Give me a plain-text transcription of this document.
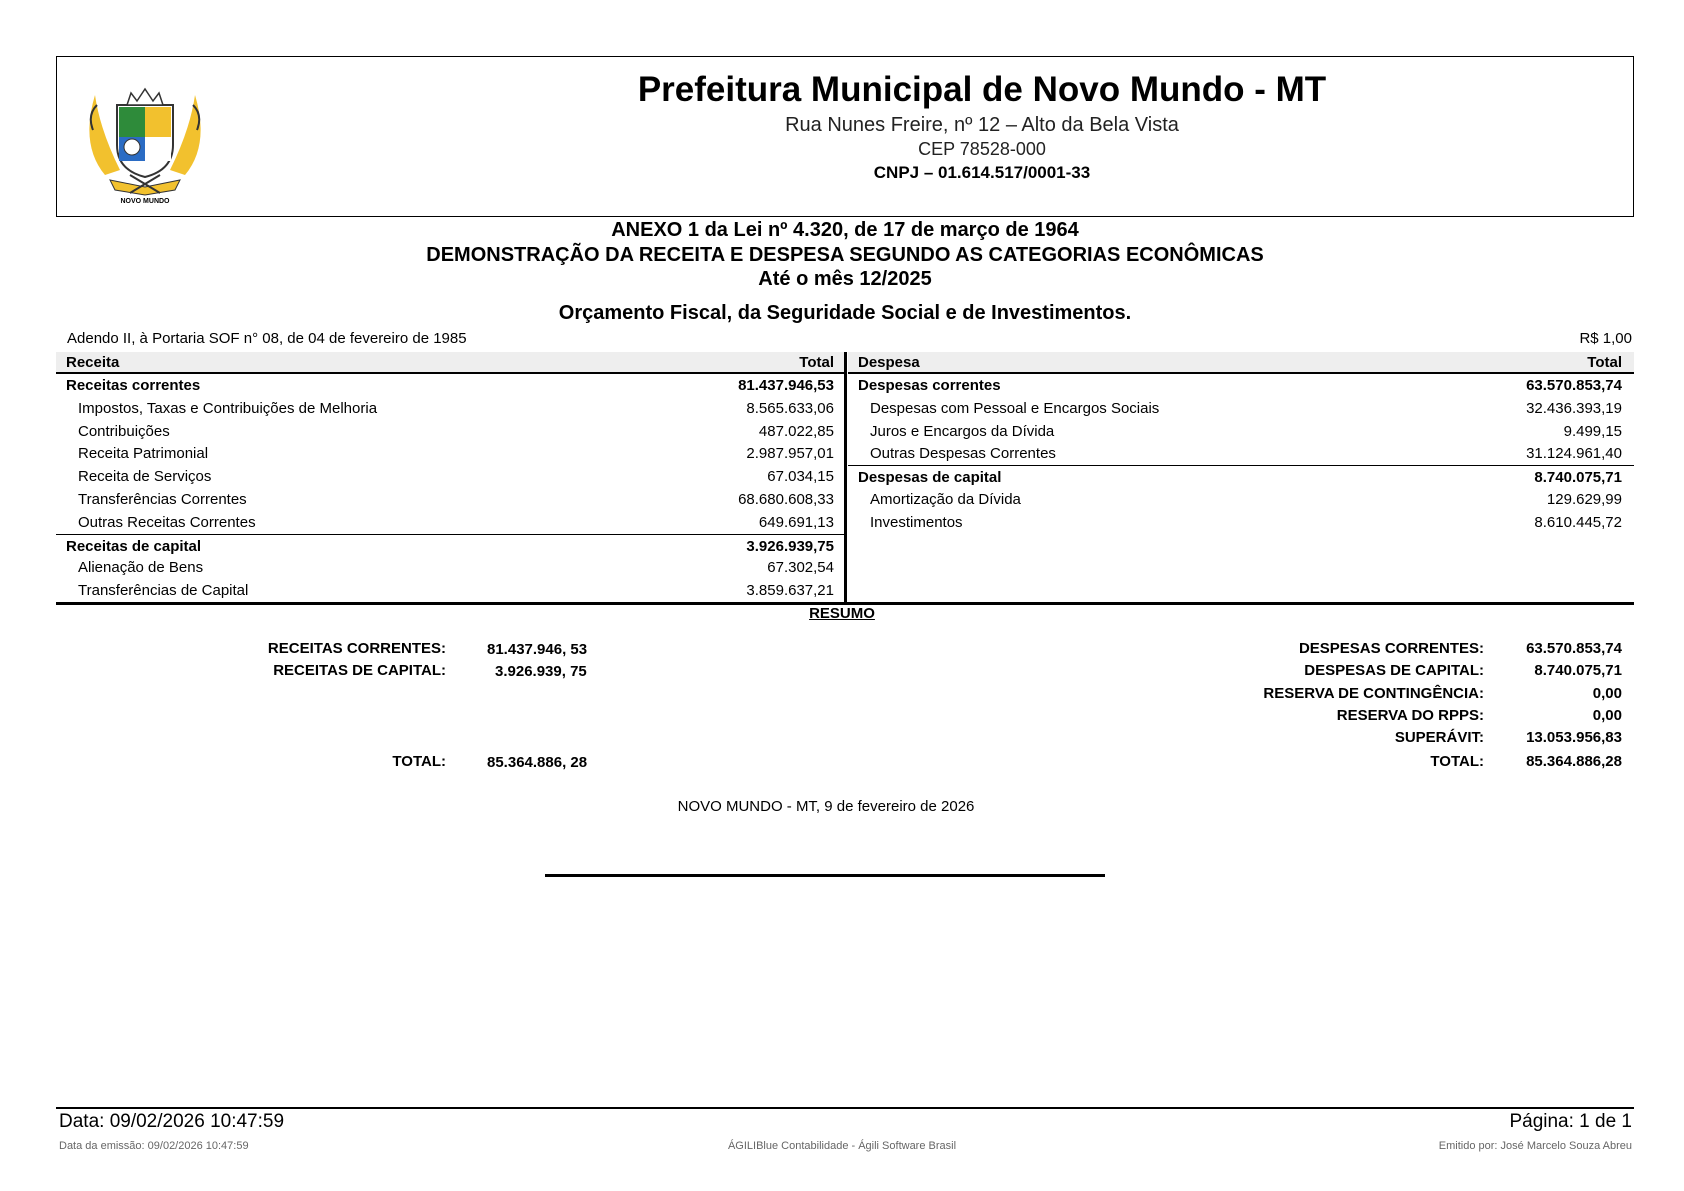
NOVO MUNDO
Prefeitura Municipal de Novo Mundo - MT
Rua Nunes Freire, nº 12 – Alto da Bela Vista
CEP 78528-000
CNPJ – 01.614.517/0001-33
ANEXO 1 da Lei nº 4.320, de 17 de março de 1964
DEMONSTRAÇÃO DA RECEITA E DESPESA SEGUNDO AS CATEGORIAS ECONÔMICAS
Até o mês 12/2025
Orçamento Fiscal, da Seguridade Social e de Investimentos.
Adendo II, à Portaria SOF n° 08, de 04 de fevereiro de 1985	R$ 1,00
Receita	Total
Receitas correntes	81.437.946,53
Impostos, Taxas e Contribuições de Melhoria	8.565.633,06
Contribuições	487.022,85
Receita Patrimonial	2.987.957,01
Receita de Serviços	67.034,15
Transferências Correntes	68.680.608,33
Outras Receitas Correntes	649.691,13
Receitas de capital	3.926.939,75
Alienação de Bens	67.302,54
Transferências de Capital	3.859.637,21
Despesa	Total
Despesas correntes	63.570.853,74
Despesas com Pessoal e Encargos Sociais	32.436.393,19
Juros e Encargos da Dívida	9.499,15
Outras Despesas Correntes	31.124.961,40
Despesas de capital	8.740.075,71
Amortização da Dívida	129.629,99
Investimentos	8.610.445,72
RESUMO
RECEITAS CORRENTES:	81.437.946, 53
RECEITAS DE CAPITAL:	3.926.939, 75
TOTAL:	85.364.886, 28
DESPESAS CORRENTES:	63.570.853,74
DESPESAS DE CAPITAL:	8.740.075,71
RESERVA DE CONTINGÊNCIA:	0,00
RESERVA DO RPPS:	0,00
SUPERÁVIT:	13.053.956,83
TOTAL:	85.364.886,28
NOVO MUNDO - MT, 9 de fevereiro de 2026
Data: 09/02/2026 10:47:59	Página: 1 de 1
Data da emissão: 09/02/2026 10:47:59	ÁGILIBlue Contabilidade - Ágili Software Brasil	Emitido por: José Marcelo Souza Abreu
